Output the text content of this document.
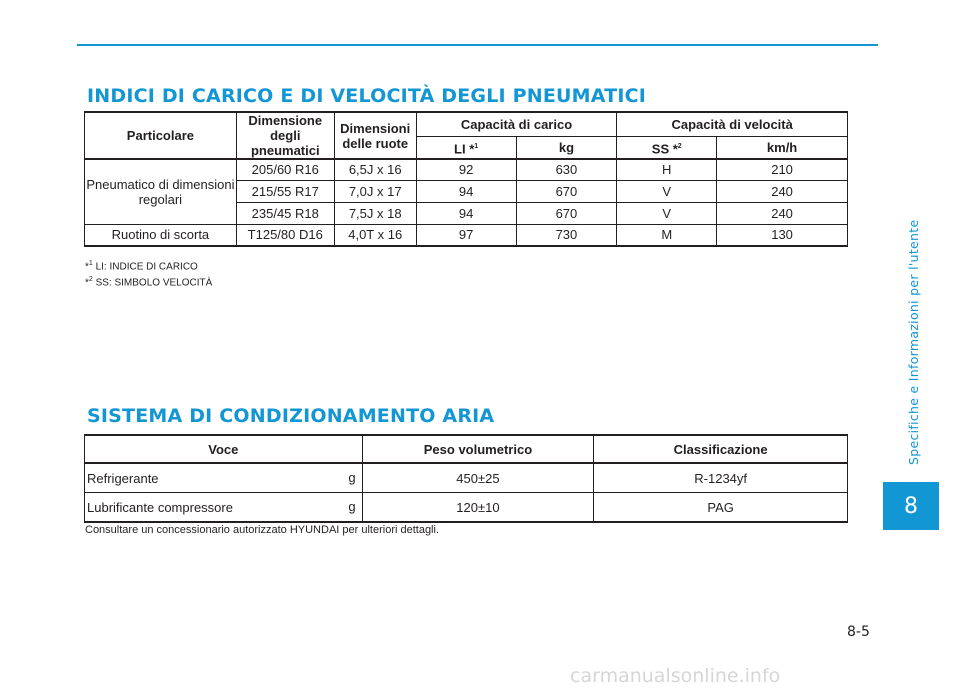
INDICI DI CARICO E DI VELOCITÀ DEGLI PNEUMATICI
Particolare	Dimensione degli pneumatici	Dimensioni delle ruote	Capacità di carico		Capacità di velocità	
			LI *$^1$	kg	SS *$^2$	km/h
Pneumatico di dimensioni regolari	205/60 R16	6,5J x 16	92	630	H	210
	215/55 R17	7,0J x 17	94	670	V	240
	235/45 R18	7,5J x 18	94	670	V	240
Ruotino di scorta	T125/80 D16	4,0T x 16	97	730	M	130
*$^1$ LI: INDICE DI CARICO
*$^2$ SS: SIMBOLO VELOCITÀ
SISTEMA DI CONDIZIONAMENTO ARIA
Voce	Peso volumetrico	Classificazione
Refrigerante g	450±25	R-1234yf
Lubrificante compressore g	120±10	PAG
Consultare un concessionario autorizzato HYUNDAI per ulteriori dettagli.
Specifiche e Informazioni per l'utente
8
8-5
carmanualsonline.info
